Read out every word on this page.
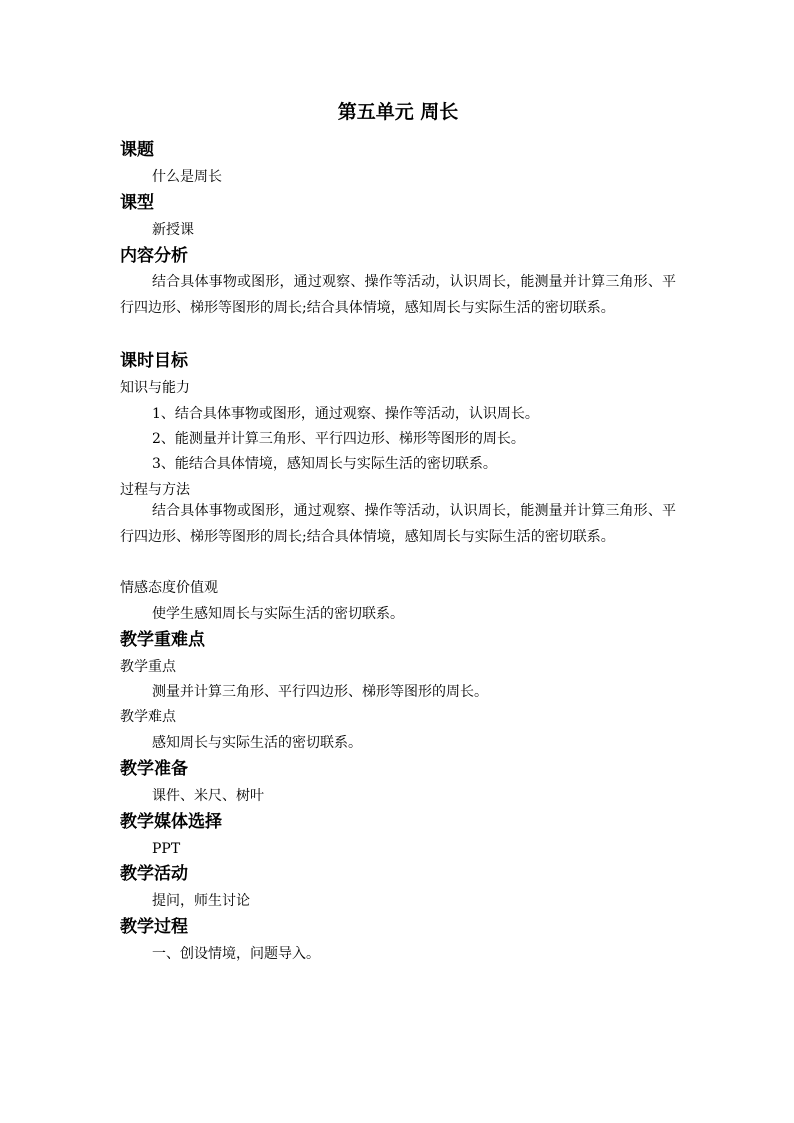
第五单元 周长
课题
什么是周长
课型
新授课
内容分析
结合具体事物或图形，通过观察、操作等活动，认识周长，能测量并计算三角形、平行四边形、梯形等图形的周长;结合具体情境，感知周长与实际生活的密切联系。
课时目标
知识与能力
1、结合具体事物或图形，通过观察、操作等活动，认识周长。
2、能测量并计算三角形、平行四边形、梯形等图形的周长。
3、能结合具体情境，感知周长与实际生活的密切联系。
过程与方法
结合具体事物或图形，通过观察、操作等活动，认识周长，能测量并计算三角形、平行四边形、梯形等图形的周长;结合具体情境，感知周长与实际生活的密切联系。
情感态度价值观
使学生感知周长与实际生活的密切联系。
教学重难点
教学重点
测量并计算三角形、平行四边形、梯形等图形的周长。
教学难点
感知周长与实际生活的密切联系。
教学准备
课件、米尺、树叶
教学媒体选择
PPT
教学活动
提问，师生讨论
教学过程
一、创设情境，问题导入。
